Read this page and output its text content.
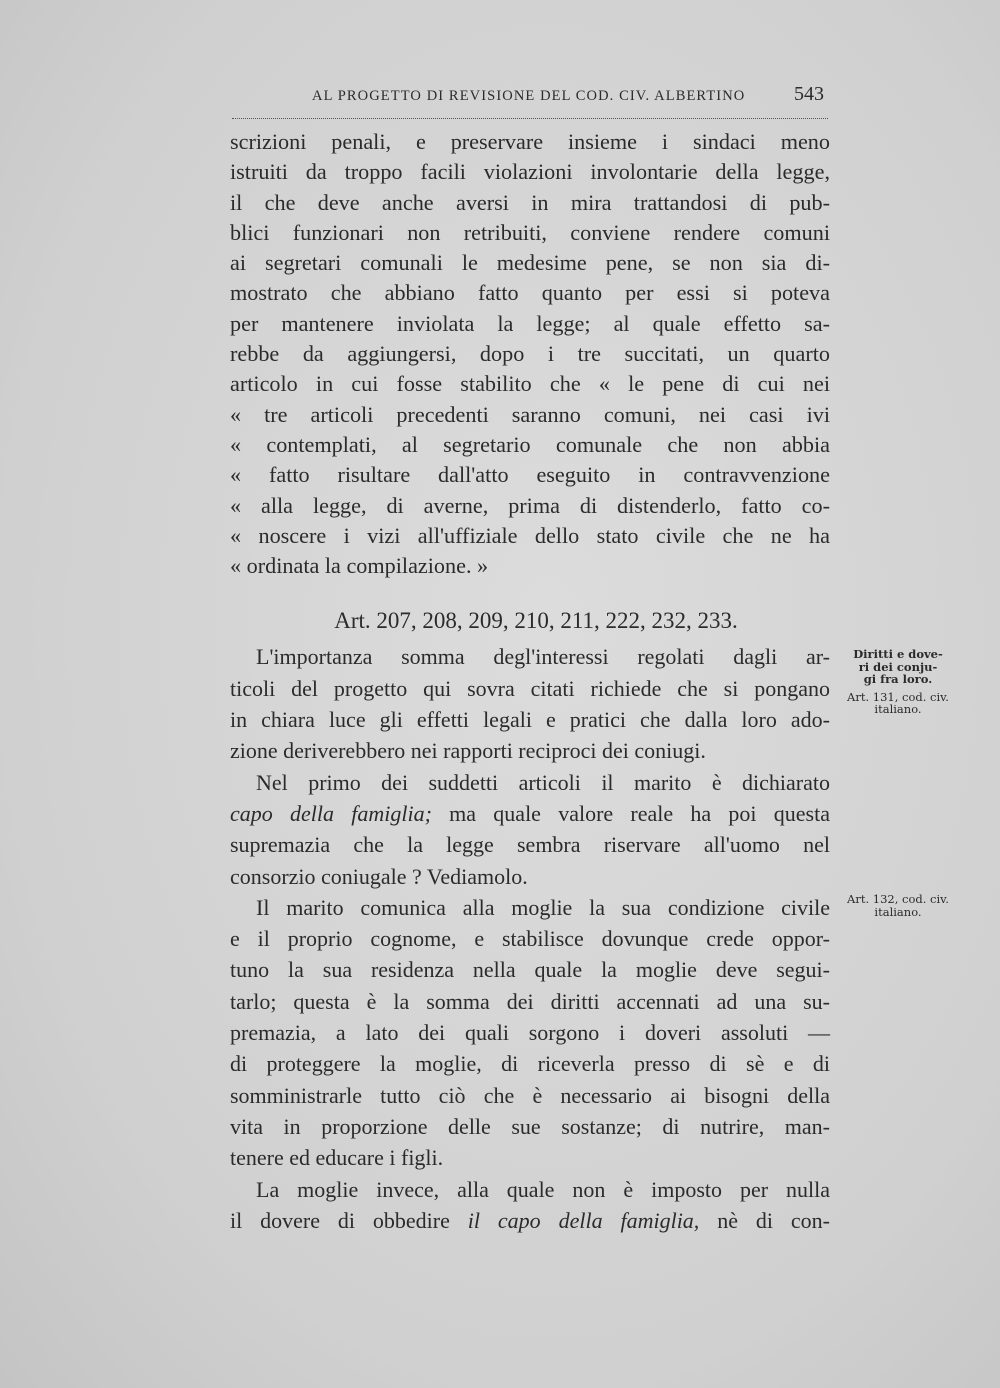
AL PROGETTO DI REVISIONE DEL COD. CIV. ALBERTINO 543
scrizioni penali, e preservare insieme i sindaci meno
istruiti da troppo facili violazioni involontarie della legge,
il che deve anche aversi in mira trattandosi di pub-
blici funzionari non retribuiti, conviene rendere comuni
ai segretari comunali le medesime pene, se non sia di-
mostrato che abbiano fatto quanto per essi si poteva
per mantenere inviolata la legge; al quale effetto sa-
rebbe da aggiungersi, dopo i tre succitati, un quarto
articolo in cui fosse stabilito che « le pene di cui nei
« tre articoli precedenti saranno comuni, nei casi ivi
« contemplati, al segretario comunale che non abbia
« fatto risultare dall'atto eseguito in contravvenzione
« alla legge, di averne, prima di distenderlo, fatto co-
« noscere i vizi all'uffiziale dello stato civile che ne ha
« ordinata la compilazione. »
Art. 207, 208, 209, 210, 211, 222, 232, 233.
L'importanza somma degl'interessi regolati dagli ar-
ticoli del progetto qui sovra citati richiede che si pongano
in chiara luce gli effetti legali e pratici che dalla loro ado-
zione deriverebbero nei rapporti reciproci dei coniugi.
Nel primo dei suddetti articoli il marito è dichiarato
capo della famiglia; ma quale valore reale ha poi questa
supremazia che la legge sembra riservare all'uomo nel
consorzio coniugale ? Vediamolo.
Il marito comunica alla moglie la sua condizione civile
e il proprio cognome, e stabilisce dovunque crede oppor-
tuno la sua residenza nella quale la moglie deve segui-
tarlo; questa è la somma dei diritti accennati ad una su-
premazia, a lato dei quali sorgono i doveri assoluti —
di proteggere la moglie, di riceverla presso di sè e di
somministrarle tutto ciò che è necessario ai bisogni della
vita in proporzione delle sue sostanze; di nutrire, man-
tenere ed educare i figli.
La moglie invece, alla quale non è imposto per nulla
il dovere di obbedire il capo della famiglia, nè di con-
Diritti e dove-
ri dei conju-
gi fra loro.
Art. 131, cod. civ.
italiano.
Art. 132, cod. civ.
italiano.
